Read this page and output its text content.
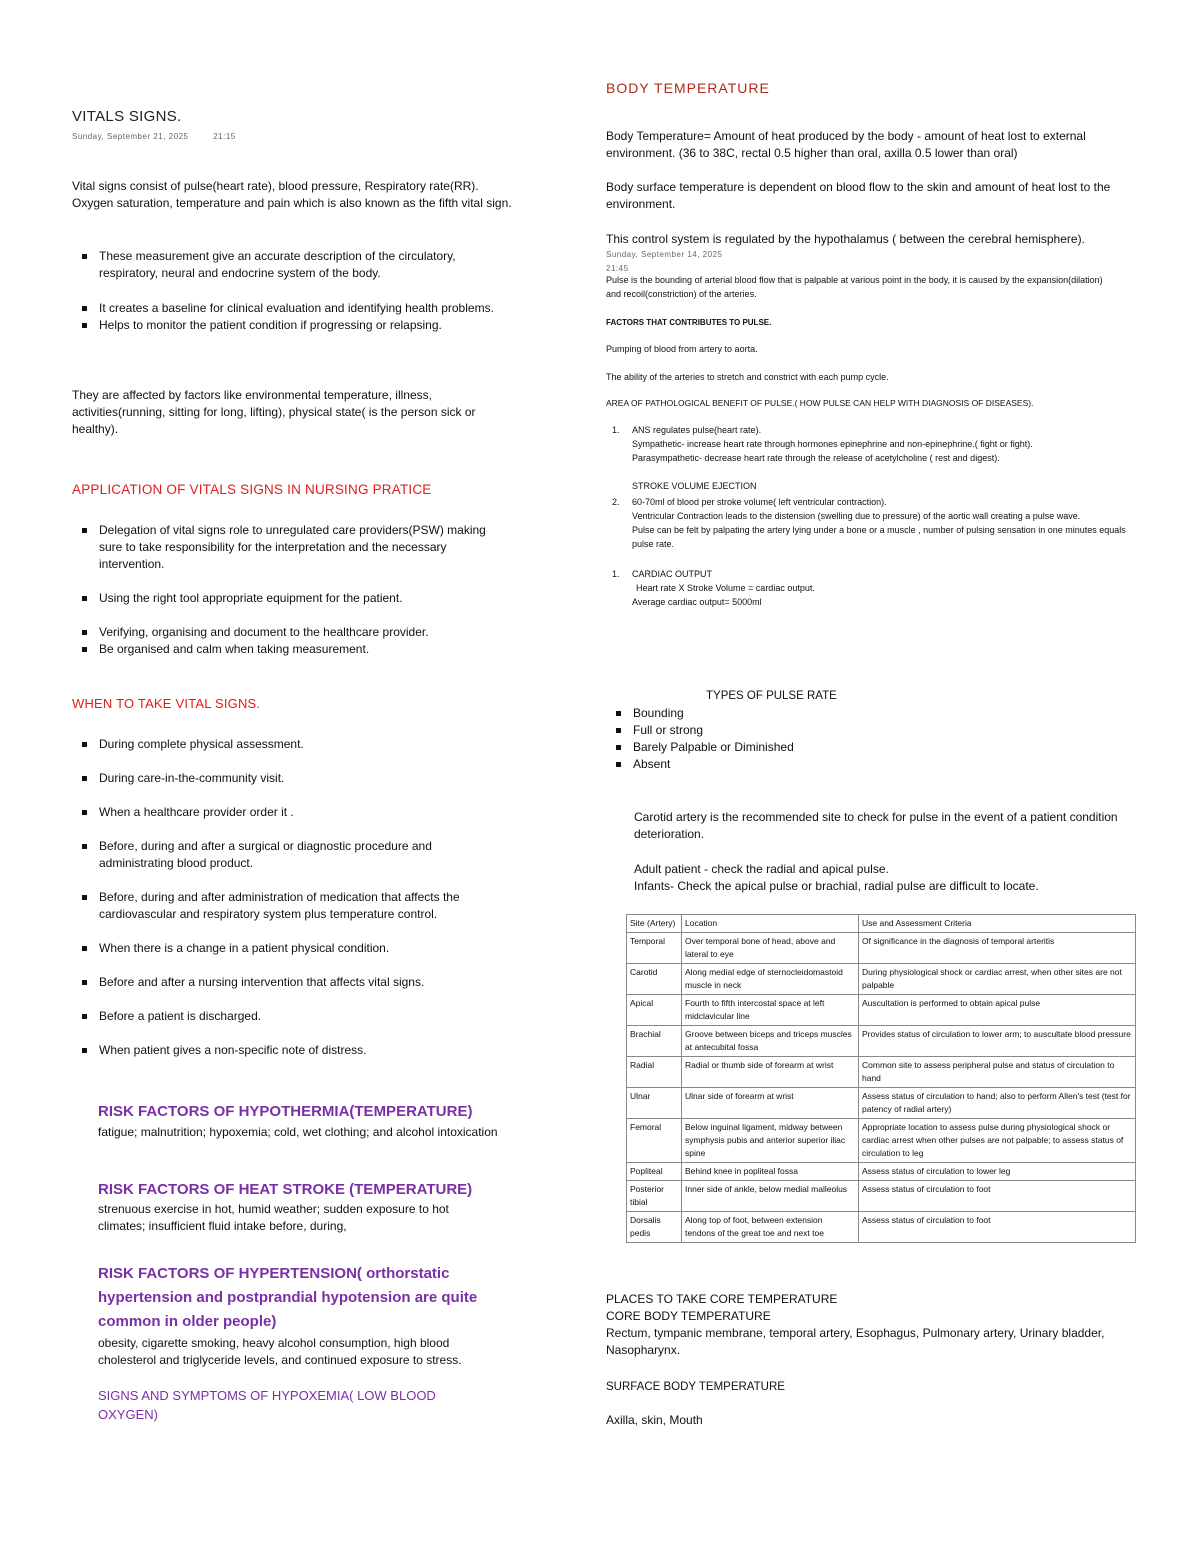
VITALS SIGNS.
Sunday, September 21, 2025	21:15

Vital signs consist of pulse(heart rate), blood pressure, Respiratory rate(RR). Oxygen saturation, temperature and pain which is also known as the fifth vital sign.

These measurement give an accurate description of the circulatory, respiratory, neural and endocrine system of the body.
It creates a baseline for clinical evaluation and identifying health problems.
Helps to monitor the patient condition if progressing or relapsing.

They are affected by factors like environmental temperature, illness, activities(running, sitting for long, lifting), physical state( is the person sick or healthy).

APPLICATION OF VITALS SIGNS IN NURSING PRATICE
Delegation of vital signs role to unregulated care providers(PSW) making sure to take responsibility for the interpretation and the necessary intervention.
Using the right tool appropriate equipment for the patient.
Verifying, organising and document to the healthcare provider.
Be organised and calm when taking measurement.
WHEN TO TAKE VITAL SIGNS.
During complete physical assessment.
During care-in-the-community visit.
When a healthcare provider order it .
Before, during and after a surgical or diagnostic procedure and administrating blood product.
Before, during and after administration of medication that affects the cardiovascular and respiratory system plus temperature control.
When there is a change in a patient physical condition.
Before and after a nursing intervention that affects vital signs.
Before a patient is discharged.
When patient gives a non-specific note of distress.
RISK FACTORS OF HYPOTHERMIA(TEMPERATURE)

fatigue; malnutrition; hypoxemia; cold, wet clothing; and alcohol intoxication

RISK FACTORS OF HEAT STROKE (TEMPERATURE)

strenuous exercise in hot, humid weather; sudden exposure to hot climates; insufficient fluid intake before, during,

RISK FACTORS OF HYPERTENSION( orthorstatic hypertension and postprandial hypotension are quite common in older people)

obesity, cigarette smoking, heavy alcohol consumption, high blood cholesterol and triglyceride levels, and continued exposure to stress.

SIGNS AND SYMPTOMS OF HYPOXEMIA( LOW BLOOD OXYGEN)
BODY TEMPERATURE

Body Temperature= Amount of heat produced by the body - amount of heat lost to external environment. (36 to 38C, rectal 0.5 higher than oral, axilla 0.5 lower than oral)

Body surface temperature is dependent on blood flow to the skin and amount of heat lost to the environment.

This control system is regulated by the hypothalamus ( between the cerebral hemisphere).

Sunday, September 14, 2025
21:45

Pulse is the bounding of arterial blood flow that is palpable at various point in the body, it is caused by the expansion(dilation) and recoil(constriction) of the arteries.

FACTORS THAT CONTRIBUTES TO PULSE.
Pumping of blood from artery to aorta.
The ability of the arteries to stretch and constrict with each pump cycle.
AREA OF PATHOLOGICAL BENEFIT OF PULSE.( HOW PULSE CAN HELP WITH DIAGNOSIS OF DISEASES).
1. ANS regulates pulse(heart rate).
Sympathetic- increase heart rate through hormones epinephrine and non-epinephrine.( fight or fight).
Parasympathetic- decrease heart rate through the release of acetylcholine ( rest and digest).
STROKE VOLUME EJECTION
2. 60-70ml of blood per stroke volume( left ventricular contraction).
Ventricular Contraction leads to the distension (swelling due to pressure) of the aortic wall creating a pulse wave.
Pulse can be felt by palpating the artery lying under a bone or a muscle , number of pulsing sensation in one minutes equals pulse rate.
1. CARDIAC OUTPUT
Heart rate X Stroke Volume = cardiac output.
Average cardiac output= 5000ml
TYPES OF PULSE RATE
Bounding
Full or strong
Barely Palpable or Diminished
Absent

Carotid artery is the recommended site to check for pulse in the event of a patient condition deterioration.

Adult patient - check the radial and apical pulse.

Infants- Check the apical pulse or brachial, radial pulse are difficult to locate.

PLACES TO TAKE CORE TEMPERATURE
CORE BODY TEMPERATURE
Rectum, tympanic membrane, temporal artery, Esophagus, Pulmonary artery, Urinary bladder, Nasopharynx.
SURFACE BODY TEMPERATURE
Axilla, skin, Mouth
Site (Artery)	Location	Use and Assessment Criteria
Temporal	Over temporal bone of head, above and lateral to eye	Of significance in the diagnosis of temporal arteritis
Carotid	Along medial edge of sternocleidomastoid muscle in neck	During physiological shock or cardiac arrest, when other sites are not palpable
Apical	Fourth to fifth intercostal space at left midclavicular line	Auscultation is performed to obtain apical pulse
Brachial	Groove between biceps and triceps muscles at antecubital fossa	Provides status of circulation to lower arm; to auscultate blood pressure
Radial	Radial or thumb side of forearm at wrist	Common site to assess peripheral pulse and status of circulation to hand
Ulnar	Ulnar side of forearm at wrist	Assess status of circulation to hand; also to perform Allen's test (test for patency of radial artery)
Femoral	Below inguinal ligament, midway between symphysis pubis and anterior superior iliac spine	Appropriate location to assess pulse during physiological shock or cardiac arrest when other pulses are not palpable; to assess status of circulation to leg
Popliteal	Behind knee in popliteal fossa	Assess status of circulation to lower leg
Posterior tibial	Inner side of ankle, below medial malleolus	Assess status of circulation to foot
Dorsalis pedis	Along top of foot, between extension tendons of the great toe and next toe	Assess status of circulation to foot
